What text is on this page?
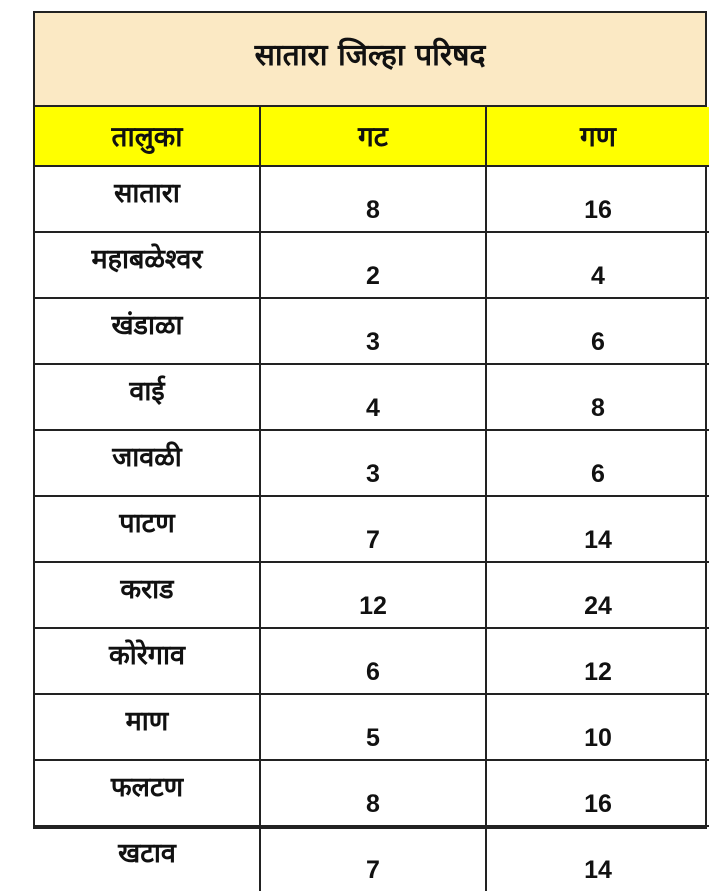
सातारा जिल्हा परिषद
तालुका	गट	गण
सातारा	8	16
महाबळेश्वर	2	4
खंडाळा	3	6
वाई	4	8
जावळी	3	6
पाटण	7	14
कराड	12	24
कोरेगाव	6	12
माण	5	10
फलटण	8	16
खटाव	7	14
